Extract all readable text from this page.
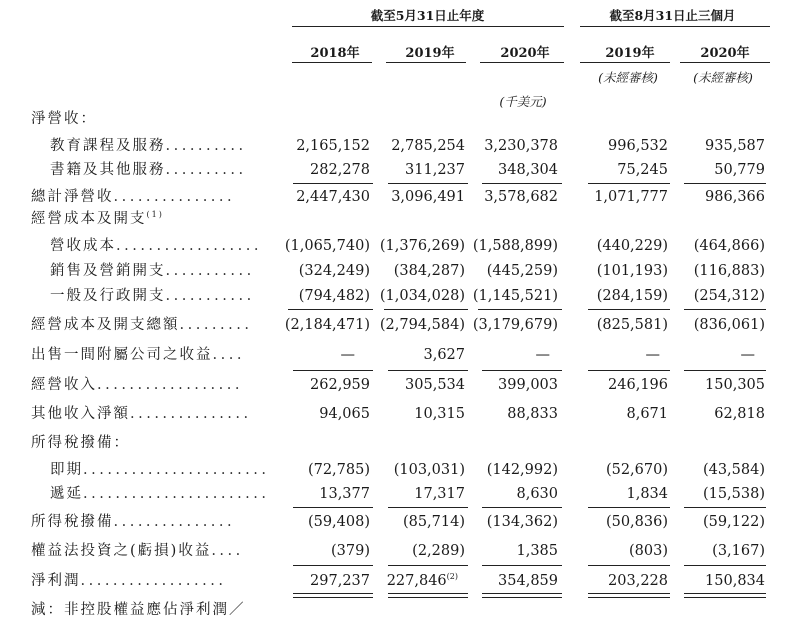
截至5月31日止年度	截至8月31日止三個月
2018年	2019年	2020年	2019年	2020年
(未經審核)	(未經審核)
(千美元)
淨營收：
教育課程及服務..........	2,165,152	2,785,254	3,230,378	996,532	935,587
書籍及其他服務..........	282,278	311,237	348,304	75,245	50,779
總計淨營收...............	2,447,430	3,096,491	3,578,682	1,071,777	986,366
經營成本及開支$^{(1)}$
營收成本..................	(1,065,740) (1,376,269) (1,588,899)	(440,229)	(464,866)
銷售及營銷開支...........	(324,249)	(384,287)	(445,259)	(101,193)	(116,883)
一般及行政開支...........	(794,482) (1,034,028) (1,145,521)	(284,159)	(254,312)
經營成本及開支總額.........	(2,184,471) (2,794,584) (3,179,679)	(825,581)	(836,061)
出售一間附屬公司之收益....	—	3,627	—	—	—
經營收入..................	262,959	305,534	399,003	246,196	150,305
其他收入淨額...............	94,065	10,315	88,833	8,671	62,818
所得稅撥備：
即期.......................	(72,785)	(103,031)	(142,992)	(52,670)	(43,584)
遞延.......................	13,377	17,317	8,630	1,834	(15,538)
所得稅撥備...............	(59,408)	(85,714)	(134,362)	(50,836)	(59,122)
權益法投資之(虧損)收益....	(379)	(2,289)	1,385	(803)	(3,167)
淨利潤..................	297,237	227,846$^{(2)}$	354,859	203,228	150,834
減：非控股權益應佔淨利潤／
